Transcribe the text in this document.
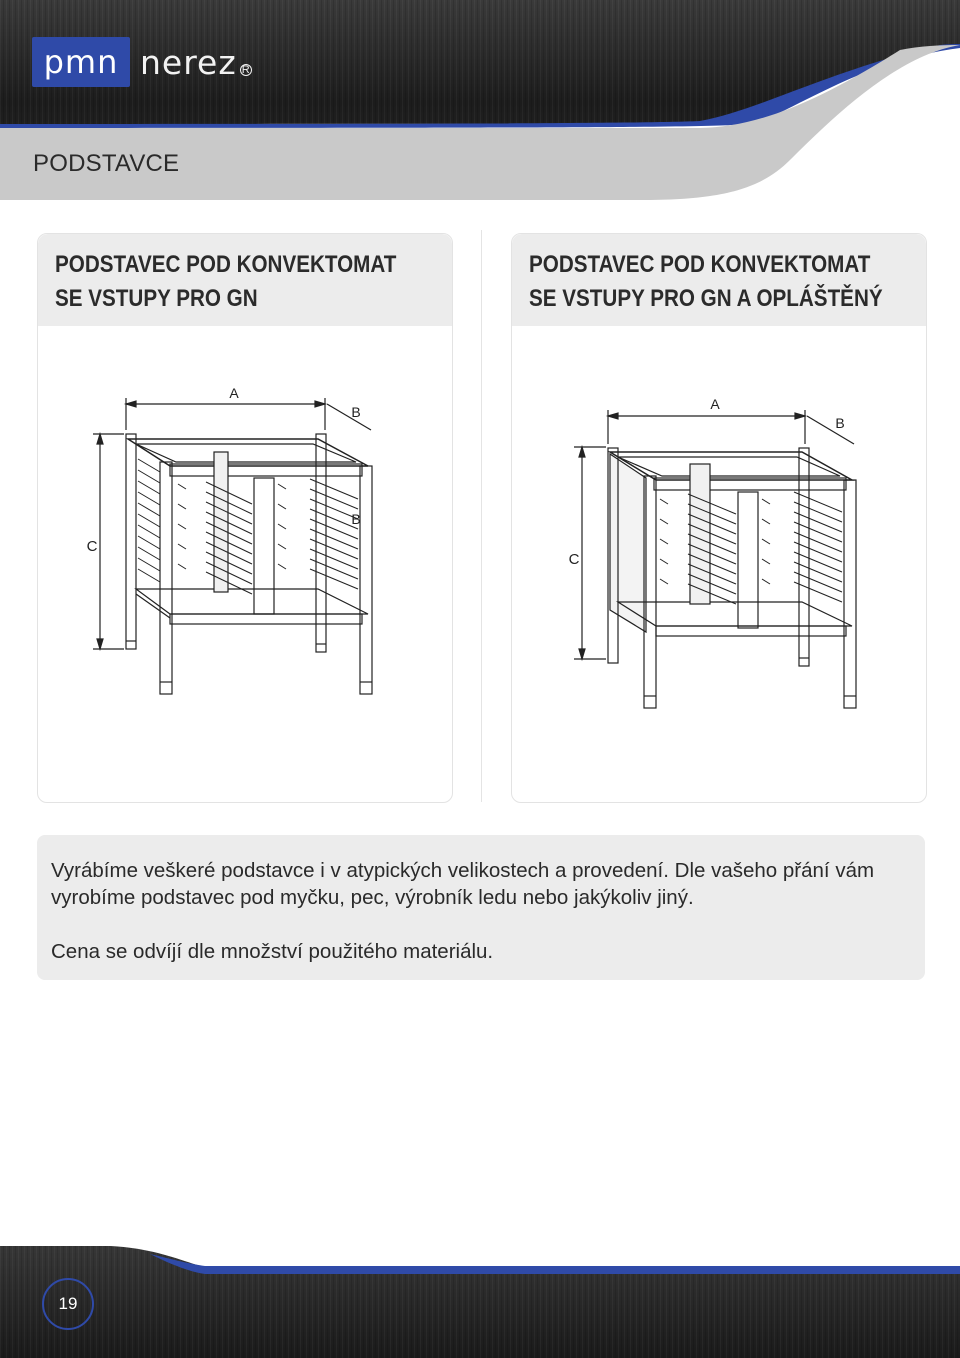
pmn nerez R
PODSTAVCE
PODSTAVEC POD KONVEKTOMAT
SE VSTUPY PRO GN
A
B
B
C
PODSTAVEC POD KONVEKTOMAT
SE VSTUPY PRO GN A OPLÁŠTĚNÝ
A
B
C

Vyrábíme veškeré podstavce i v atypických velikostech a provedení. Dle vašeho přání vám

vyrobíme podstavec pod myčku, pec, výrobník ledu nebo jakýkoliv jiný.

Cena se odvíjí dle množství použitého materiálu.

19
